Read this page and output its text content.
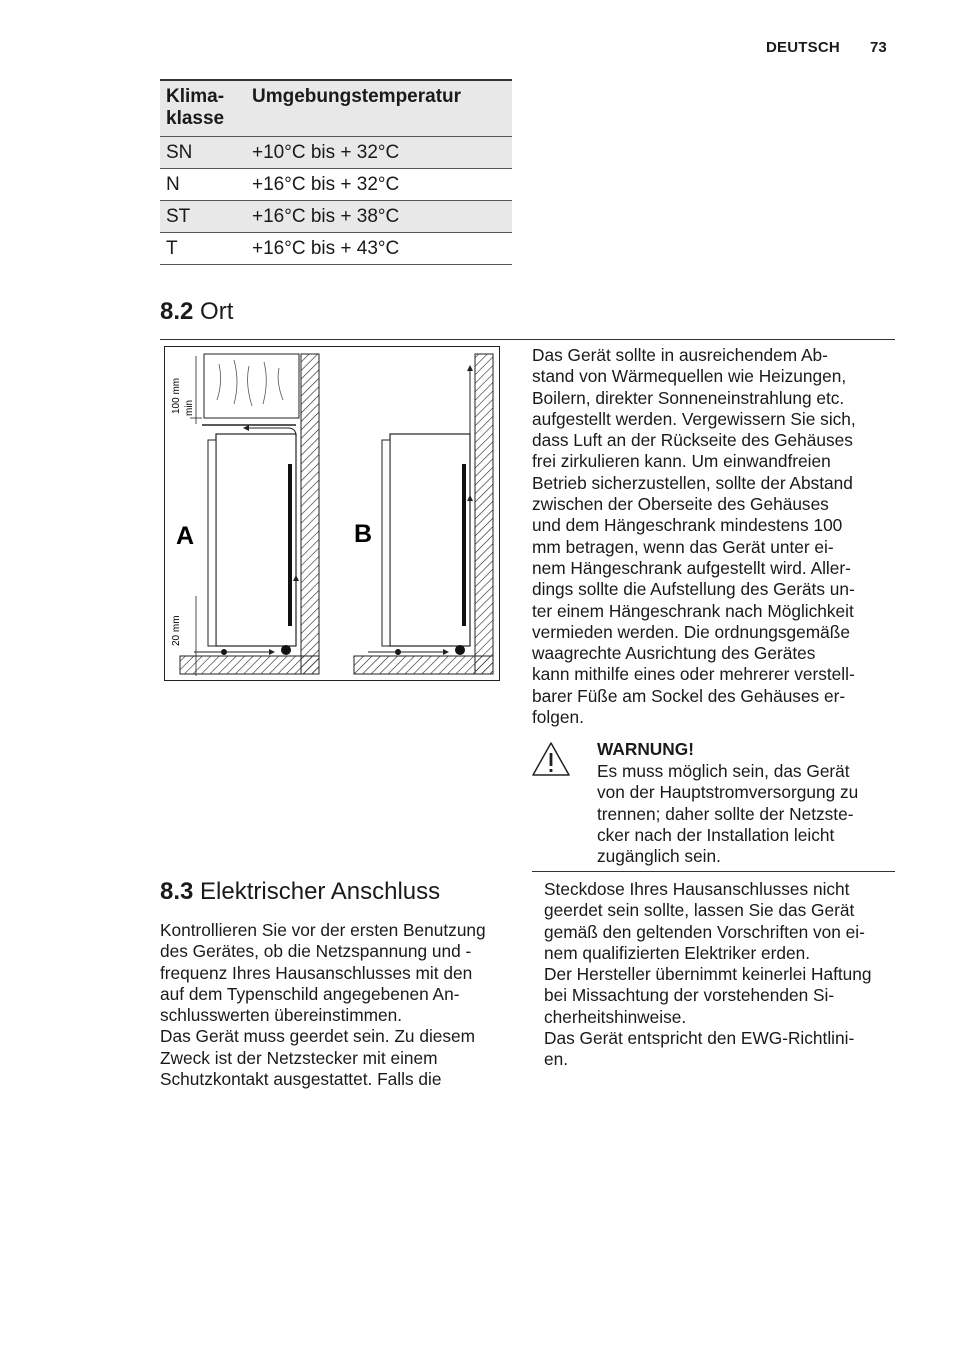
DEUTSCH 73
Klima-
klasse	Umgebungstemperatur
SN	+10°C bis + 32°C
N	+16°C bis + 32°C
ST	+16°C bis + 38°C
T	+16°C bis + 43°C
8.2 Ort
100 mm min
20 mm
A	B
Das Gerät sollte in ausreichendem Ab-
stand von Wärmequellen wie Heizungen,
Boilern, direkter Sonneneinstrahlung etc.
aufgestellt werden. Vergewissern Sie sich,
dass Luft an der Rückseite des Gehäuses
frei zirkulieren kann. Um einwandfreien
Betrieb sicherzustellen, sollte der Abstand
zwischen der Oberseite des Gehäuses
und dem Hängeschrank mindestens 100
mm betragen, wenn das Gerät unter ei-
nem Hängeschrank aufgestellt wird. Aller-
dings sollte die Aufstellung des Geräts un-
ter einem Hängeschrank nach Möglichkeit
vermieden werden. Die ordnungsgemäße
waagrechte Ausrichtung des Gerätes
kann mithilfe eines oder mehrerer verstell-
barer Füße am Sockel des Gehäuses er-
folgen.
WARNUNG!
Es muss möglich sein, das Gerät
von der Hauptstromversorgung zu
trennen; daher sollte der Netzste-
cker nach der Installation leicht
zugänglich sein.
8.3 Elektrischer Anschluss
Kontrollieren Sie vor der ersten Benutzung
des Gerätes, ob die Netzspannung und -
frequenz Ihres Hausanschlusses mit den
auf dem Typenschild angegebenen An-
schlusswerten übereinstimmen.
Das Gerät muss geerdet sein. Zu diesem
Zweck ist der Netzstecker mit einem
Schutzkontakt ausgestattet. Falls die
Steckdose Ihres Hausanschlusses nicht
geerdet sein sollte, lassen Sie das Gerät
gemäß den geltenden Vorschriften von ei-
nem qualifizierten Elektriker erden.
Der Hersteller übernimmt keinerlei Haftung
bei Missachtung der vorstehenden Si-
cherheitshinweise.
Das Gerät entspricht den EWG-Richtlini-
en.
